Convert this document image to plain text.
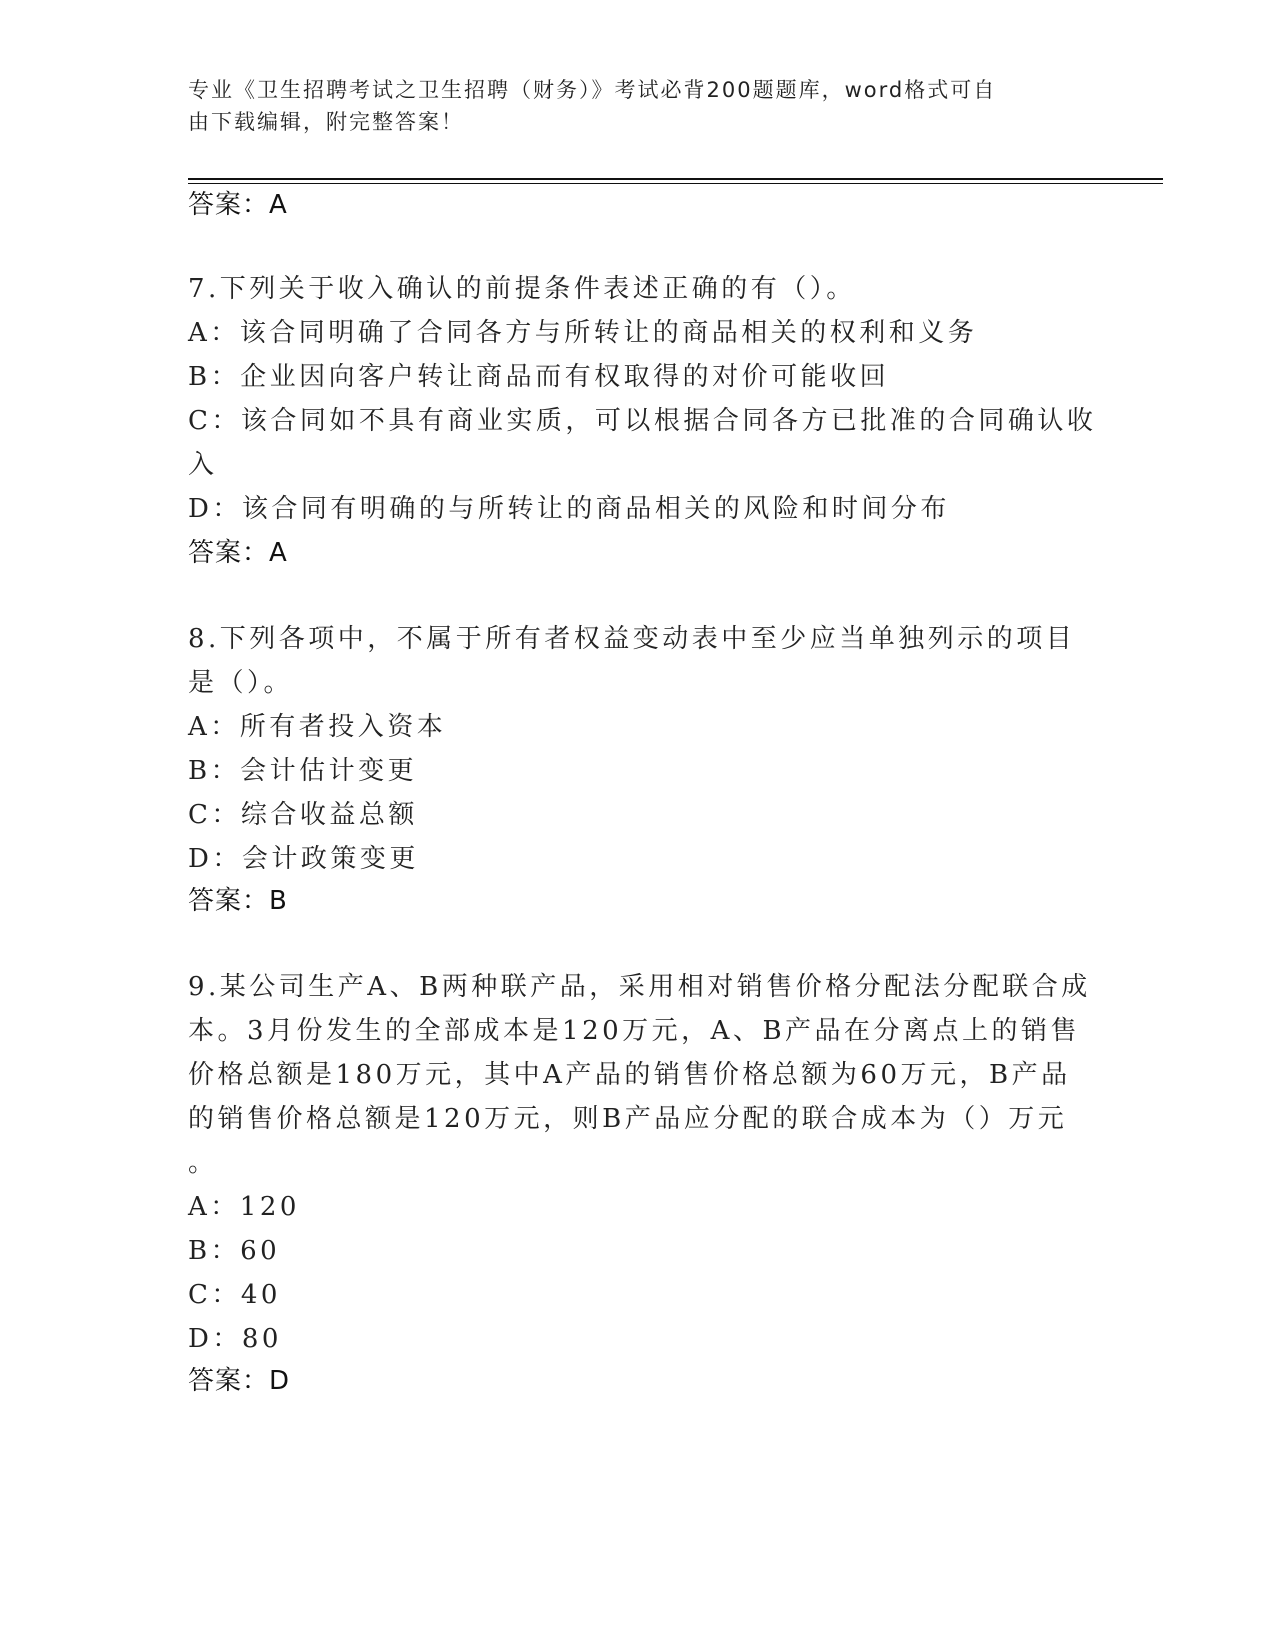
专业《卫生招聘考试之卫生招聘（财务）》考试必背200题题库，word格式可自
由下载编辑，附完整答案！
答案：A
7.下列关于收入确认的前提条件表述正确的有（）。
A：该合同明确了合同各方与所转让的商品相关的权利和义务
B：企业因向客户转让商品而有权取得的对价可能收回
C：该合同如不具有商业实质，可以根据合同各方已批准的合同确认收
入
D：该合同有明确的与所转让的商品相关的风险和时间分布
答案：A
8.下列各项中，不属于所有者权益变动表中至少应当单独列示的项目
是（）。
A：所有者投入资本
B：会计估计变更
C：综合收益总额
D：会计政策变更
答案：B
9.某公司生产A、B两种联产品，采用相对销售价格分配法分配联合成
本。3月份发生的全部成本是120万元，A、B产品在分离点上的销售
价格总额是180万元，其中A产品的销售价格总额为60万元，B产品
的销售价格总额是120万元，则B产品应分配的联合成本为（）万元
。
A：120
B：60
C：40
D：80
答案：D
